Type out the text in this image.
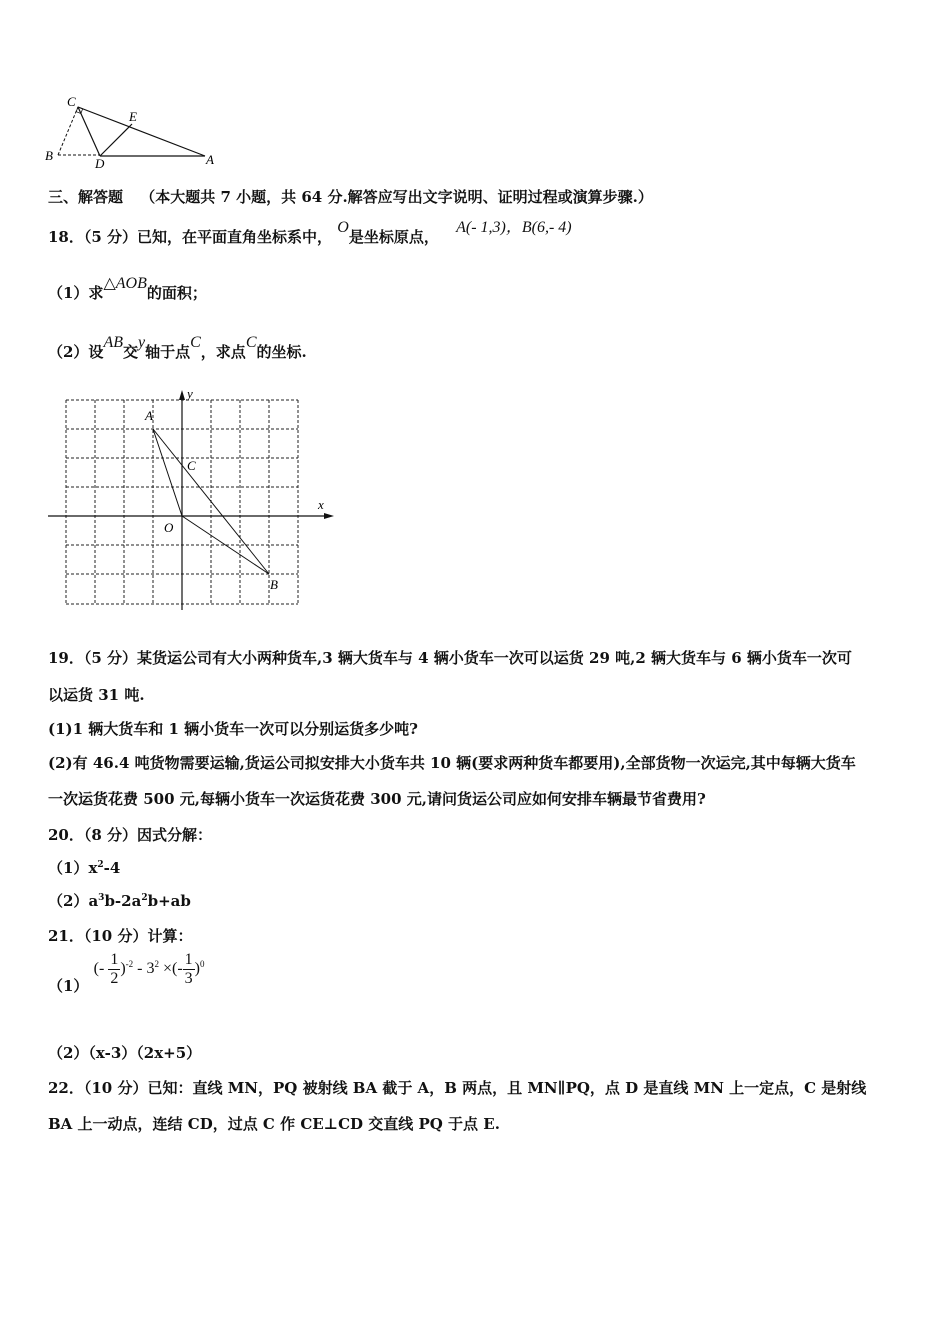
C
E
B
D	A
三、解答题 （本大题共 7 小题，共 64 分.解答应写出文字说明、证明过程或演算步骤.）
18．（5 分）已知，在平面直角坐标系中， O是坐标原点， A(- 1,3)，B(6,- 4)
（1）求△AOB的面积；
（2）设AB交y轴于点C，求点C的坐标.
y
x
A
C
O
B
19．（5 分）某货运公司有大小两种货车,3 辆大货车与 4 辆小货车一次可以运货 29 吨,2 辆大货车与 6 辆小货车一次可
以运货 31 吨.
(1)1 辆大货车和 1 辆小货车一次可以分别运货多少吨?
(2)有 46.4 吨货物需要运输,货运公司拟安排大小货车共 10 辆(要求两种货车都要用),全部货物一次运完,其中每辆大货车
一次运货花费 500 元,每辆小货车一次运货花费 300 元,请问货运公司应如何安排车辆最节省费用?
20．（8 分）因式分解：
$(1)x^2-4$
$(2)a^3b-2a^2b+ab$
21．（10 分）计算：
（1） (- $\frac{1}{2} )^{-2} - 3^2$ ×(- $\frac{1}{3} )^0$
（2）（x-3）（2x+5）
22．（10 分）已知：直线 MN，PQ 被射线 BA 截于 A，B 两点，且 MN∥PQ，点 D 是直线 MN 上一定点，C 是射线
BA 上一动点，连结 CD，过点 C 作 CE⊥CD 交直线 PQ 于点 E.
